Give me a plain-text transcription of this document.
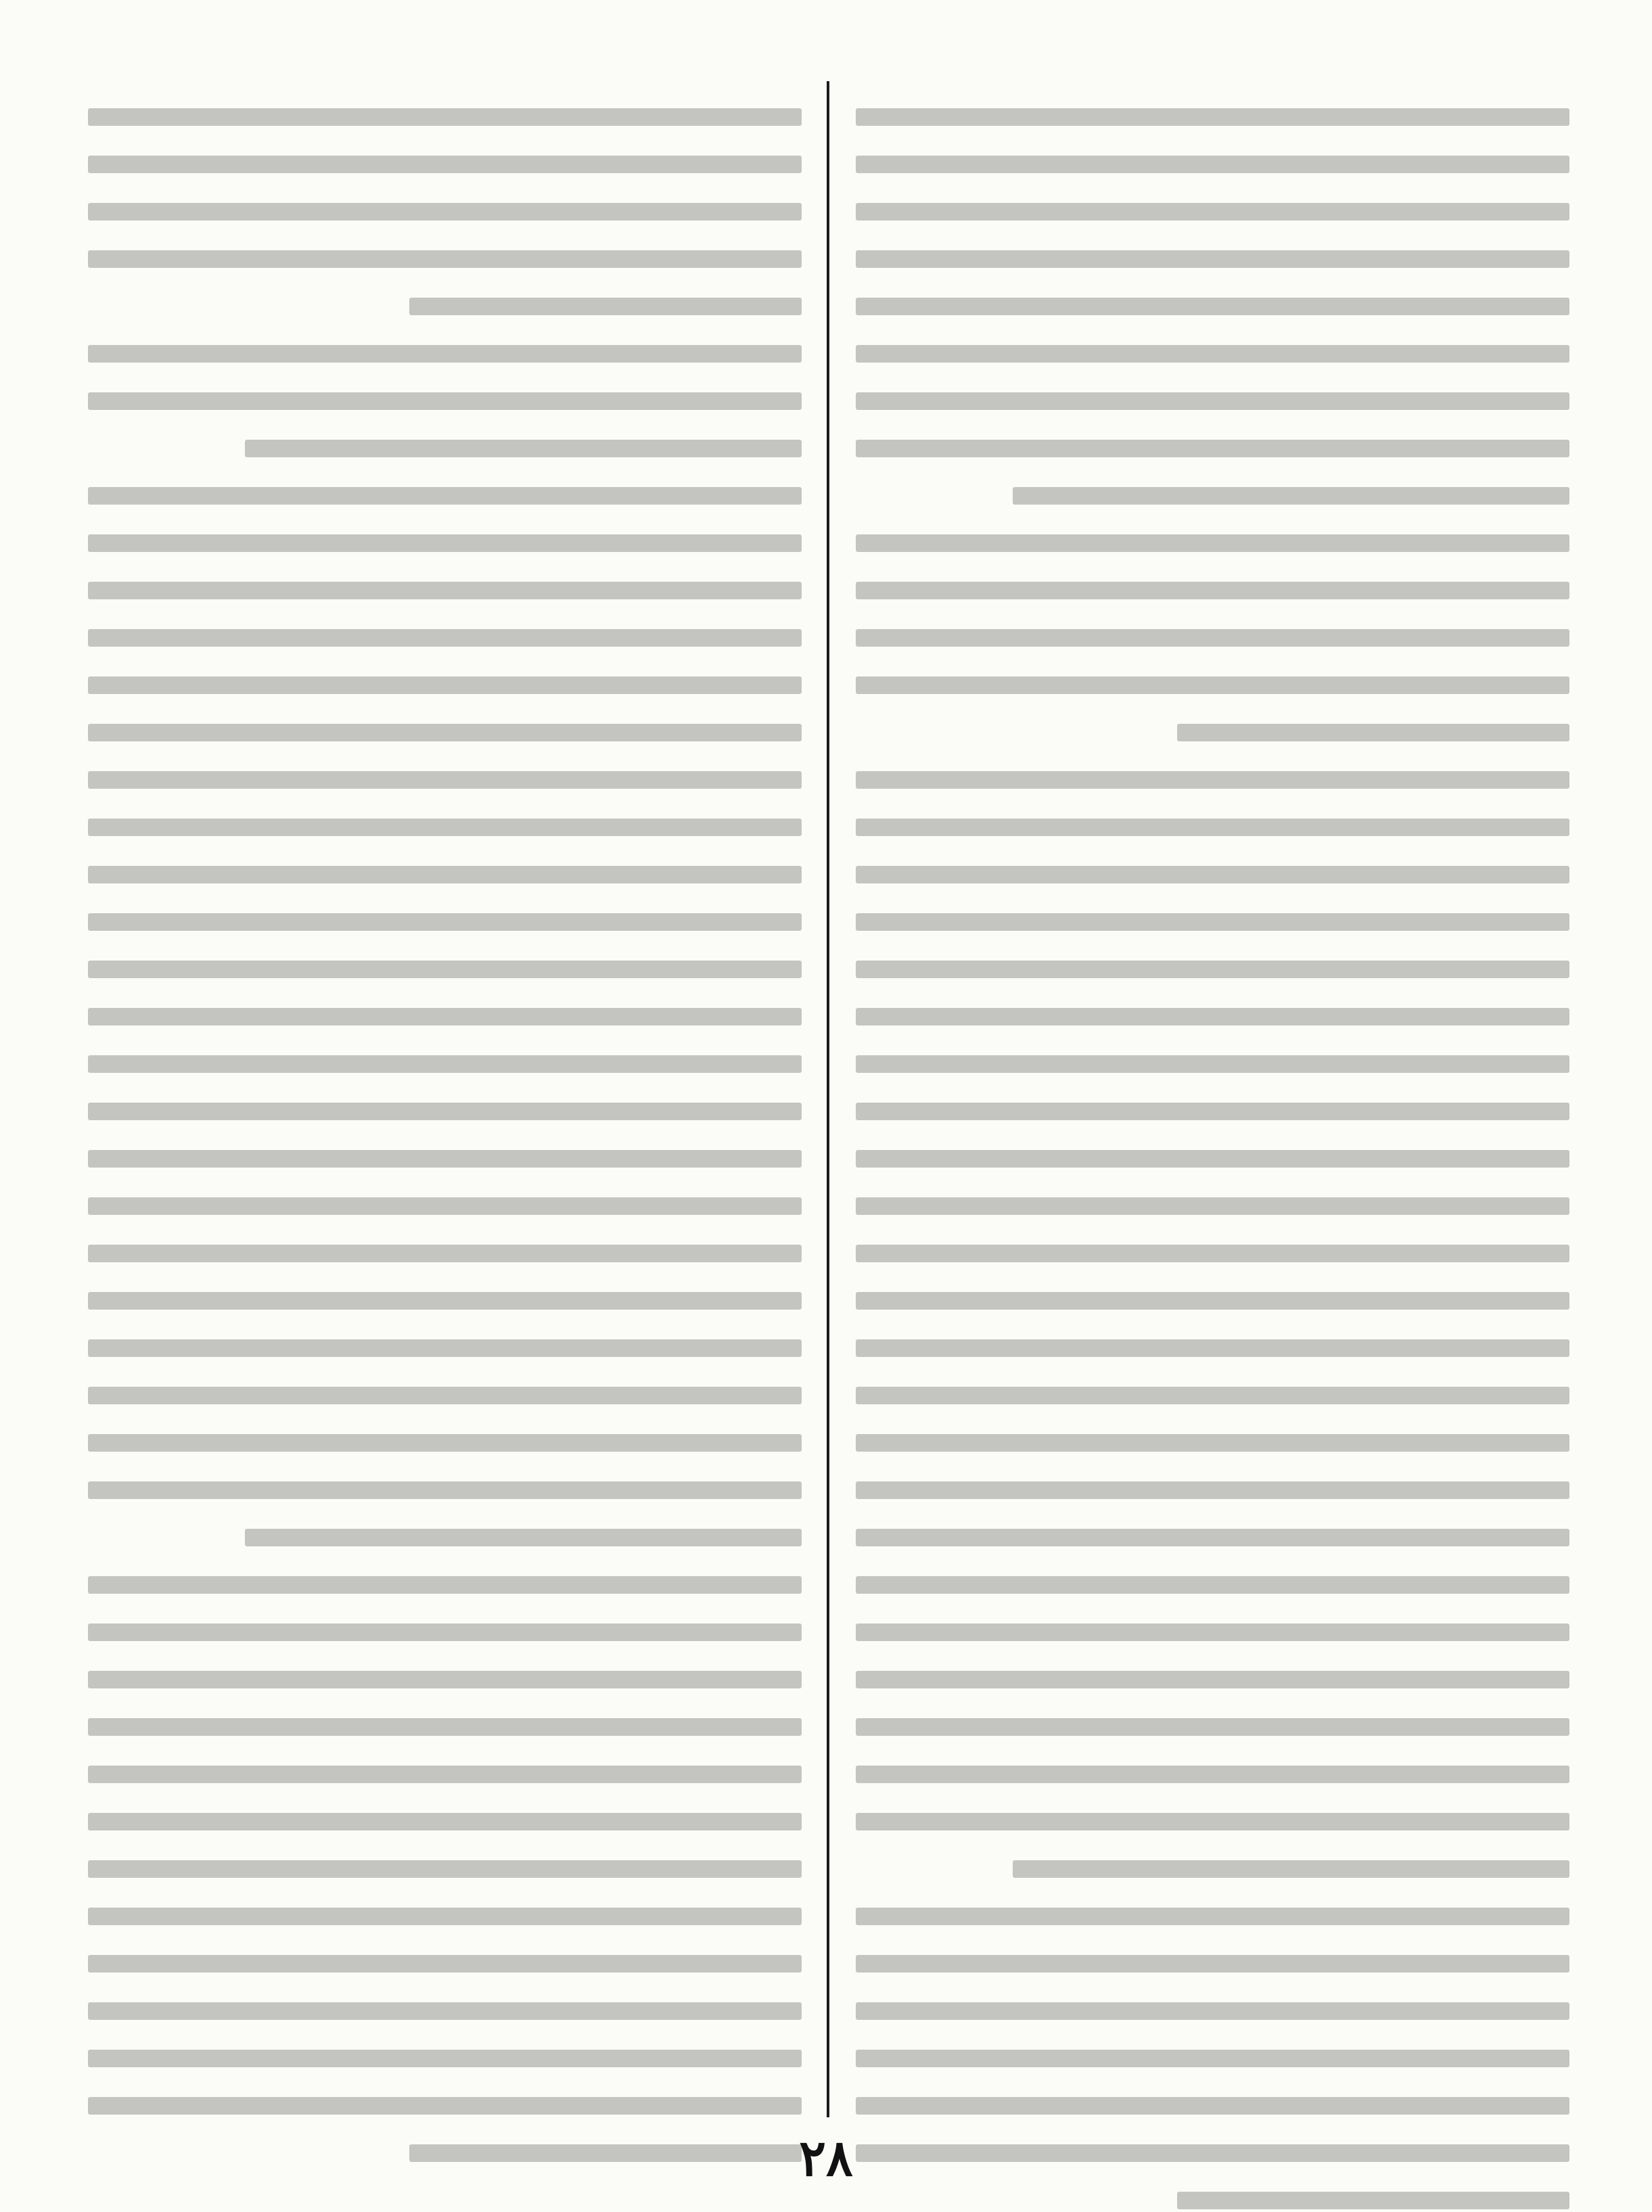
٢٨
